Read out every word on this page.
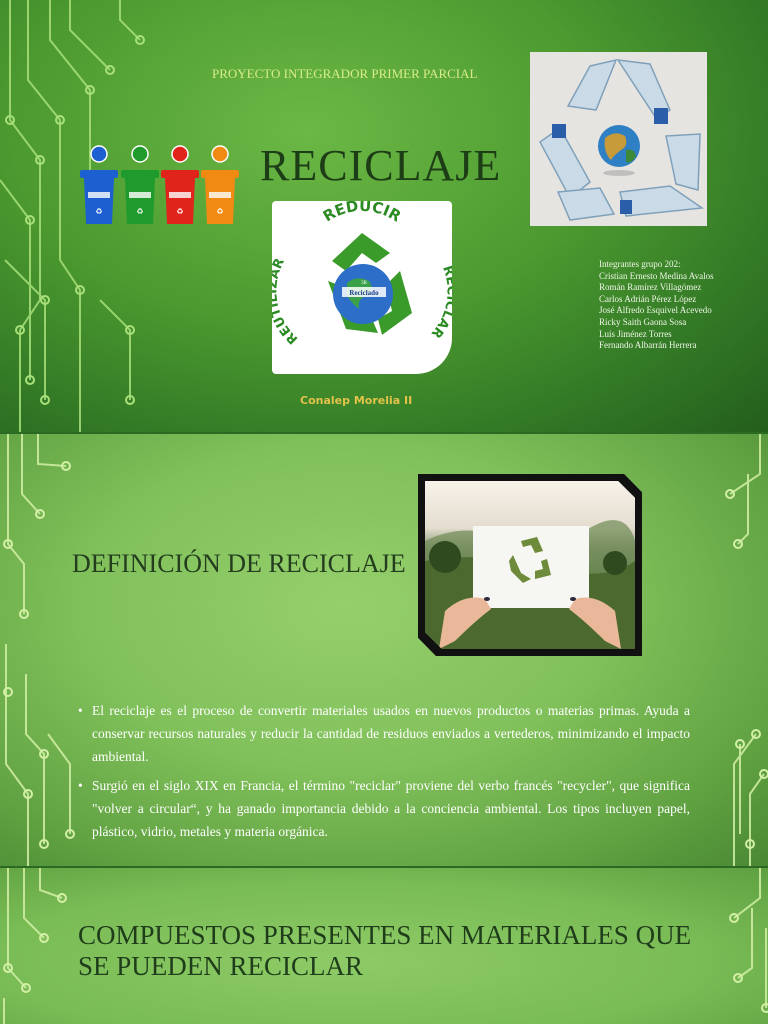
PROYECTO INTEGRADOR PRIMER PARCIAL
RECICLAJE
♻	♻	♻	♻
3R
Reciclado
REDUCIR
AR
REU
Integrantes grupo 202:
Cristian Ernesto Medina Avalos
Román Ramírez Villagómez
Carlos Adrián Pérez López
José Alfredo Esquivel Acevedo
Ricky Saith Gaona Sosa
Luis Jiménez Torres
Fernando Albarrán Herrera
Conalep Morelia II
DEFINICIÓN DE RECICLAJE
• El reciclaje es el proceso de convertir materiales usados en nuevos productos o materias primas. Ayuda a conservar recursos naturales y reducir la cantidad de residuos enviados a vertederos, minimizando el impacto ambiental.
• Surgió en el siglo XIX en Francia, el término "reciclar" proviene del verbo francés "recycler", que significa "volver a circular“, y ha ganado importancia debido a la conciencia ambiental. Los tipos incluyen papel, plástico, vidrio, metales y materia orgánica.
COMPUESTOS PRESENTES EN MATERIALES QUE SE PUEDEN RECICLAR
